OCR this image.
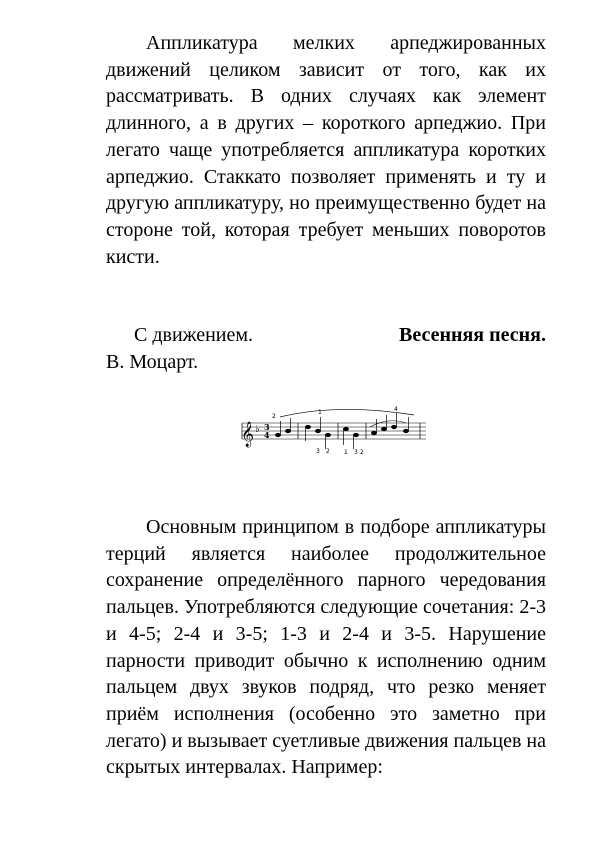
Аппликатура мелких арпеджированных движений целиком зависит от того, как их рассматривать. В одних случаях как элемент длинного, а в других – короткого арпеджио. При легато чаще употребляется аппликатура коротких арпеджио. Стаккато позволяет применять и ту и другую аппликатуру, но преимущественно будет на стороне той, которая требует меньших поворотов кисти.

С движением.	Весенняя песня.
В. Моцарт.
𝄞 ♭ 3
4
2
1
3 2 1 3 2
4

Основным принципом в подборе аппликатуры терций является наиболее продолжительное сохранение определённого парного чередования пальцев. Употребляются следующие сочетания: 2-3 и 4-5; 2-4 и 3-5; 1-3 и 2-4 и 3-5. Нарушение парности приводит обычно к исполнению одним пальцем двух звуков подряд, что резко меняет приём исполнения (особенно это заметно при легато) и вызывает суетливые движения пальцев на скрытых интервалах. Например:
